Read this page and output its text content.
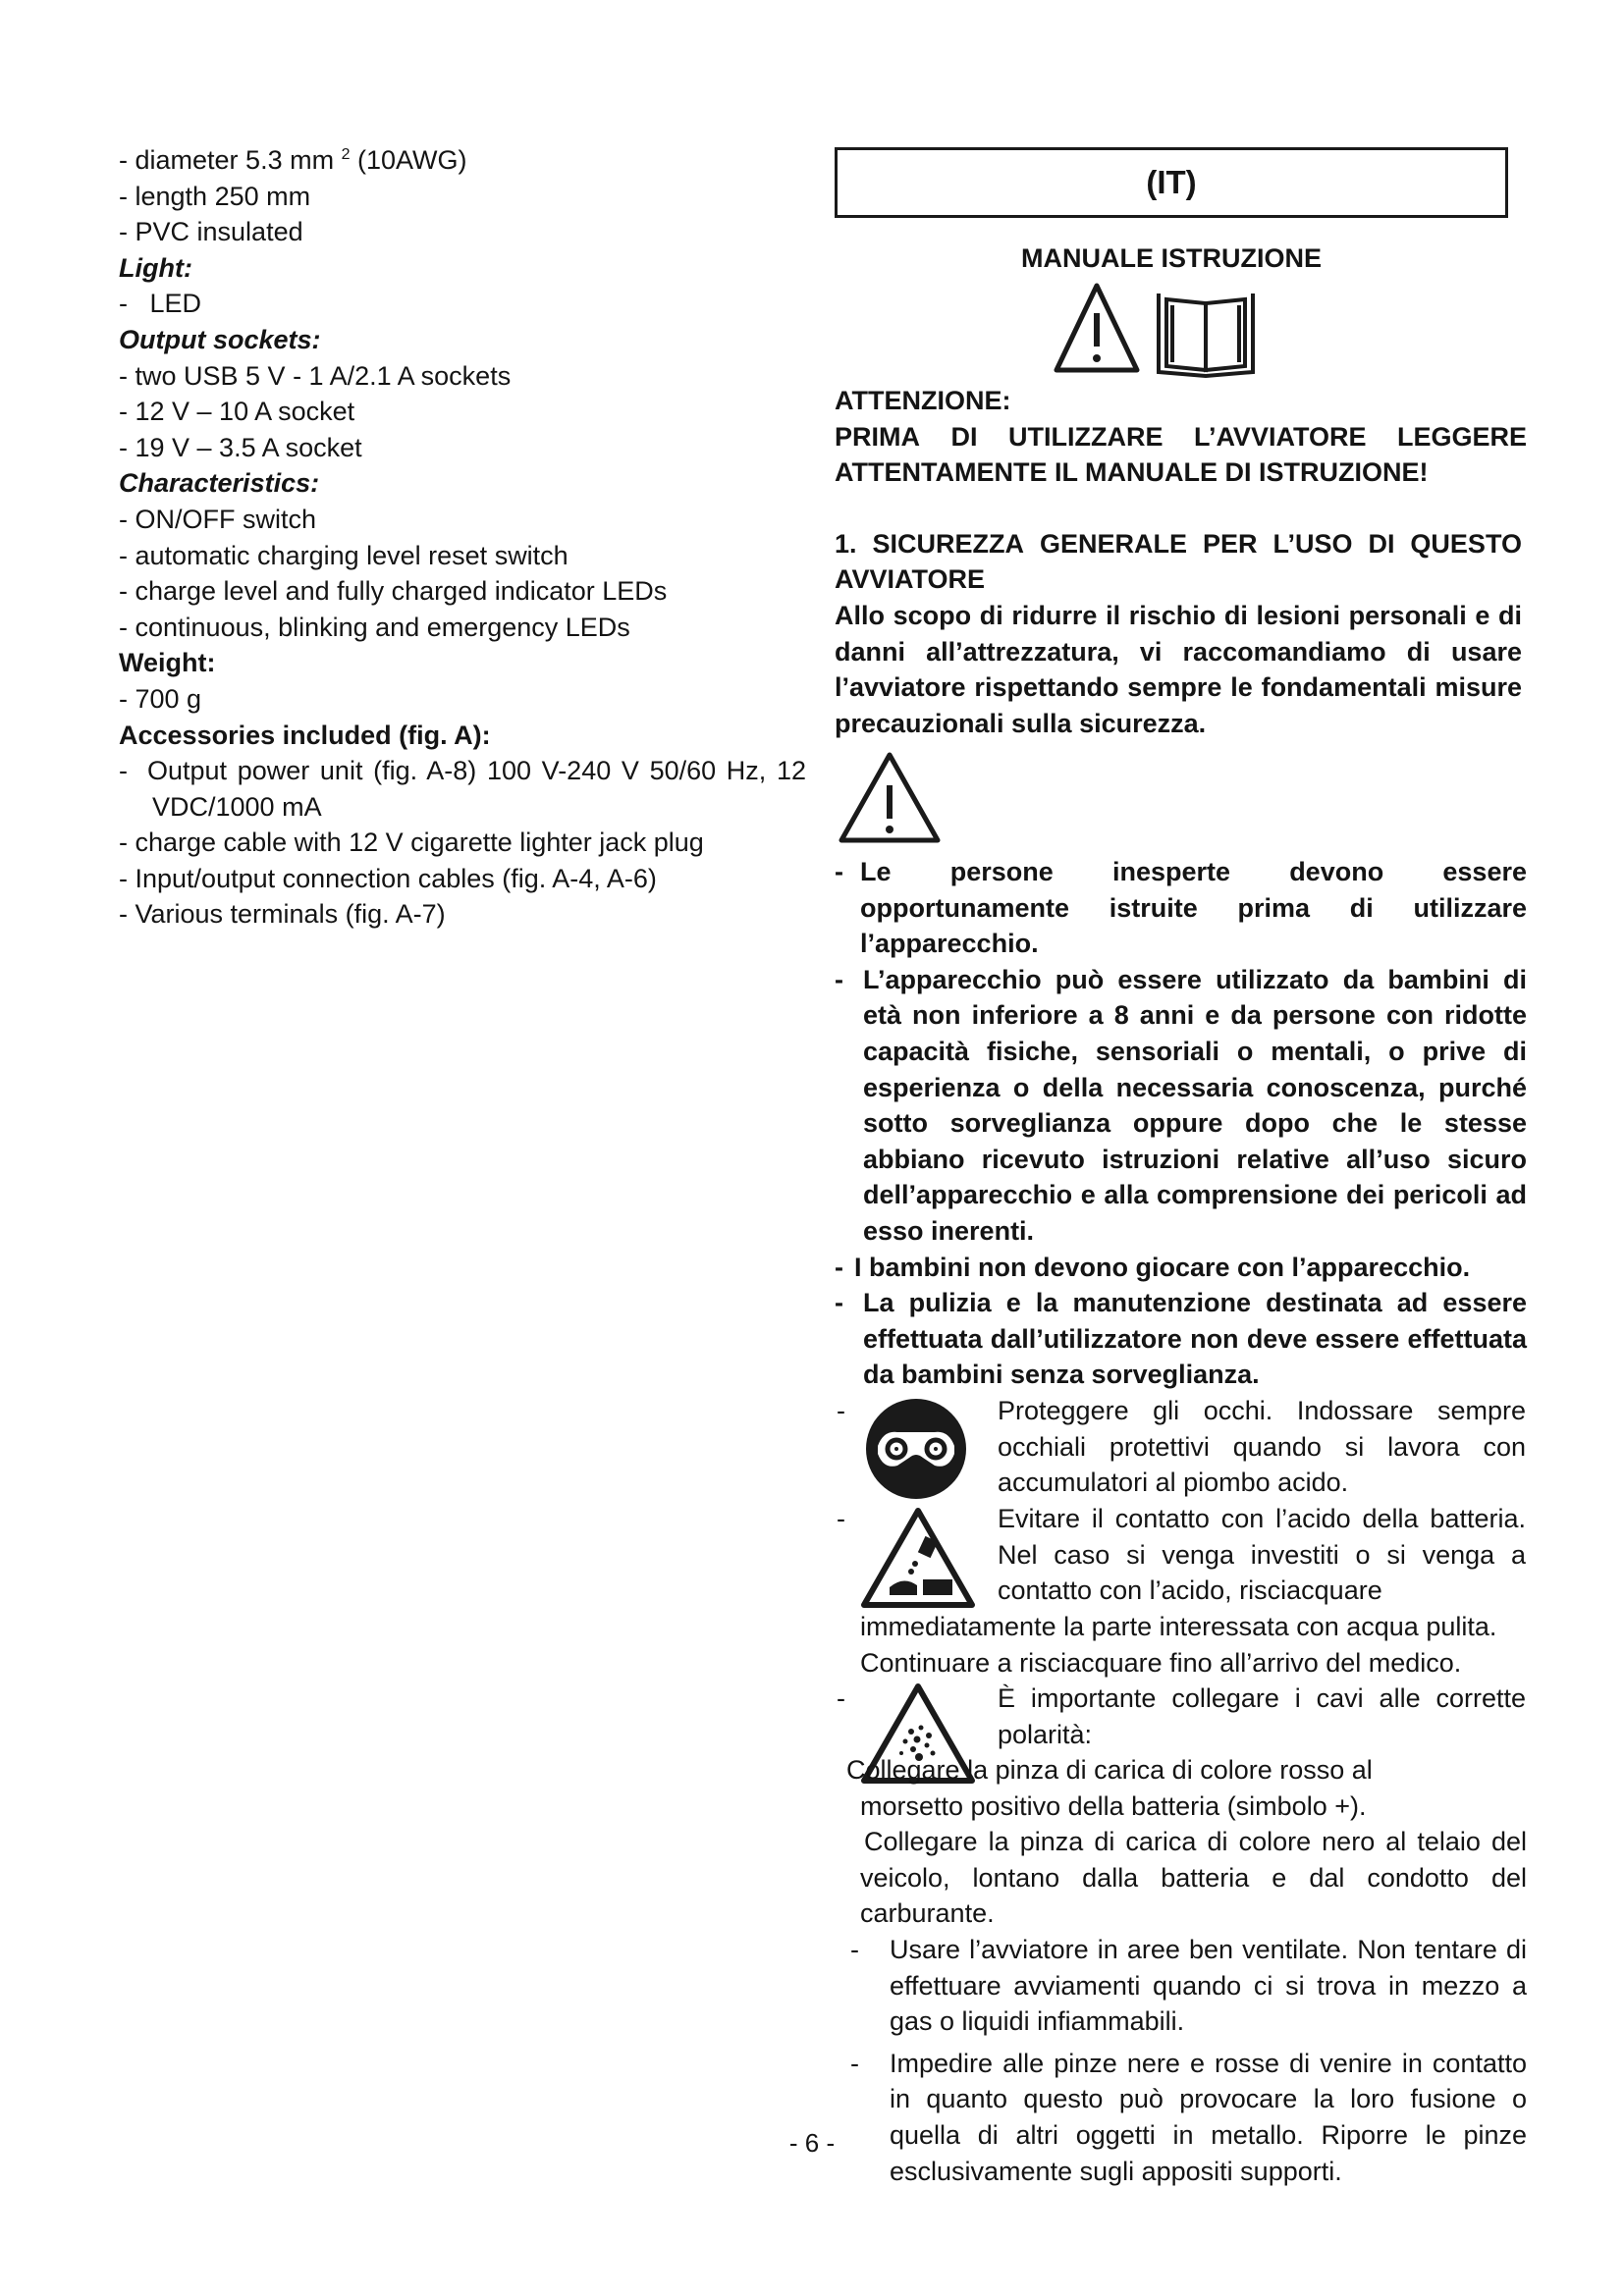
- diameter 5.3 mm $^2$ (10AWG)
- length 250 mm
- PVC insulated
Light:
-   LED
Output sockets:
- two USB 5 V - 1 A/2.1 A sockets
- 12 V – 10 A socket
- 19 V – 3.5 A socket
Characteristics:
- ON/OFF switch
- automatic charging level reset switch
- charge level and fully charged indicator LEDs
- continuous, blinking and emergency LEDs
Weight:
- 700 g
Accessories included (fig. A):
- Output power unit (fig. A-8) 100 V-240 V 50/60 Hz, 12
VDC/1000 mA
- charge cable with 12 V cigarette lighter jack plug
- Input/output connection cables (fig. A-4, A-6)
- Various terminals (fig. A-7)
(IT)
MANUALE ISTRUZIONE
ATTENZIONE:
PRIMA DI UTILIZZARE L’AVVIATORE LEGGERE
ATTENTAMENTE IL MANUALE DI ISTRUZIONE!
1. SICUREZZA GENERALE PER L’USO DI QUESTO
AVVIATORE
Allo scopo di ridurre il rischio di lesioni personali e di danni all’attrezzatura, vi raccomandiamo di usare l’avviatore rispettando sempre le fondamentali misure precauzionali sulla sicurezza.
- Le persone inesperte devono essere opportunamente istruite prima di utilizzare l’apparecchio.
- L’apparecchio può essere utilizzato da bambini di età non inferiore a 8 anni e da persone con ridotte capacità fisiche, sensoriali o mentali, o prive di esperienza o della necessaria conoscenza, purché sotto sorveglianza oppure dopo che le stesse abbiano ricevuto istruzioni relative all’uso sicuro dell’apparecchio e alla comprensione dei pericoli ad esso inerenti.
- I bambini non devono giocare con l’apparecchio.
- La pulizia e la manutenzione destinata ad essere effettuata dall’utilizzatore non deve essere effettuata da bambini senza sorveglianza.
-	Proteggere gli occhi. Indossare sempre occhiali protettivi quando si lavora con accumulatori al piombo acido.
-	Evitare il contatto con l’acido della batteria. Nel caso si venga investiti o si venga a contatto con l’acido, risciacquare
immediatamente la parte interessata con acqua pulita. Continuare a risciacquare fino all’arrivo del medico.
-	È importante collegare i cavi alle corrette polarità:
Collegare la pinza di carica di colore rosso al
morsetto positivo della batteria (simbolo +).
Collegare la pinza di carica di colore nero al telaio del veicolo, lontano dalla batteria e dal condotto del carburante.
- Usare l’avviatore in aree ben ventilate. Non tentare di effettuare avviamenti quando ci si trova in mezzo a gas o liquidi infiammabili.
- Impedire alle pinze nere e rosse di venire in contatto in quanto questo può provocare la loro fusione o quella di altri oggetti in metallo. Riporre le pinze esclusivamente sugli appositi supporti.
- 6 -
